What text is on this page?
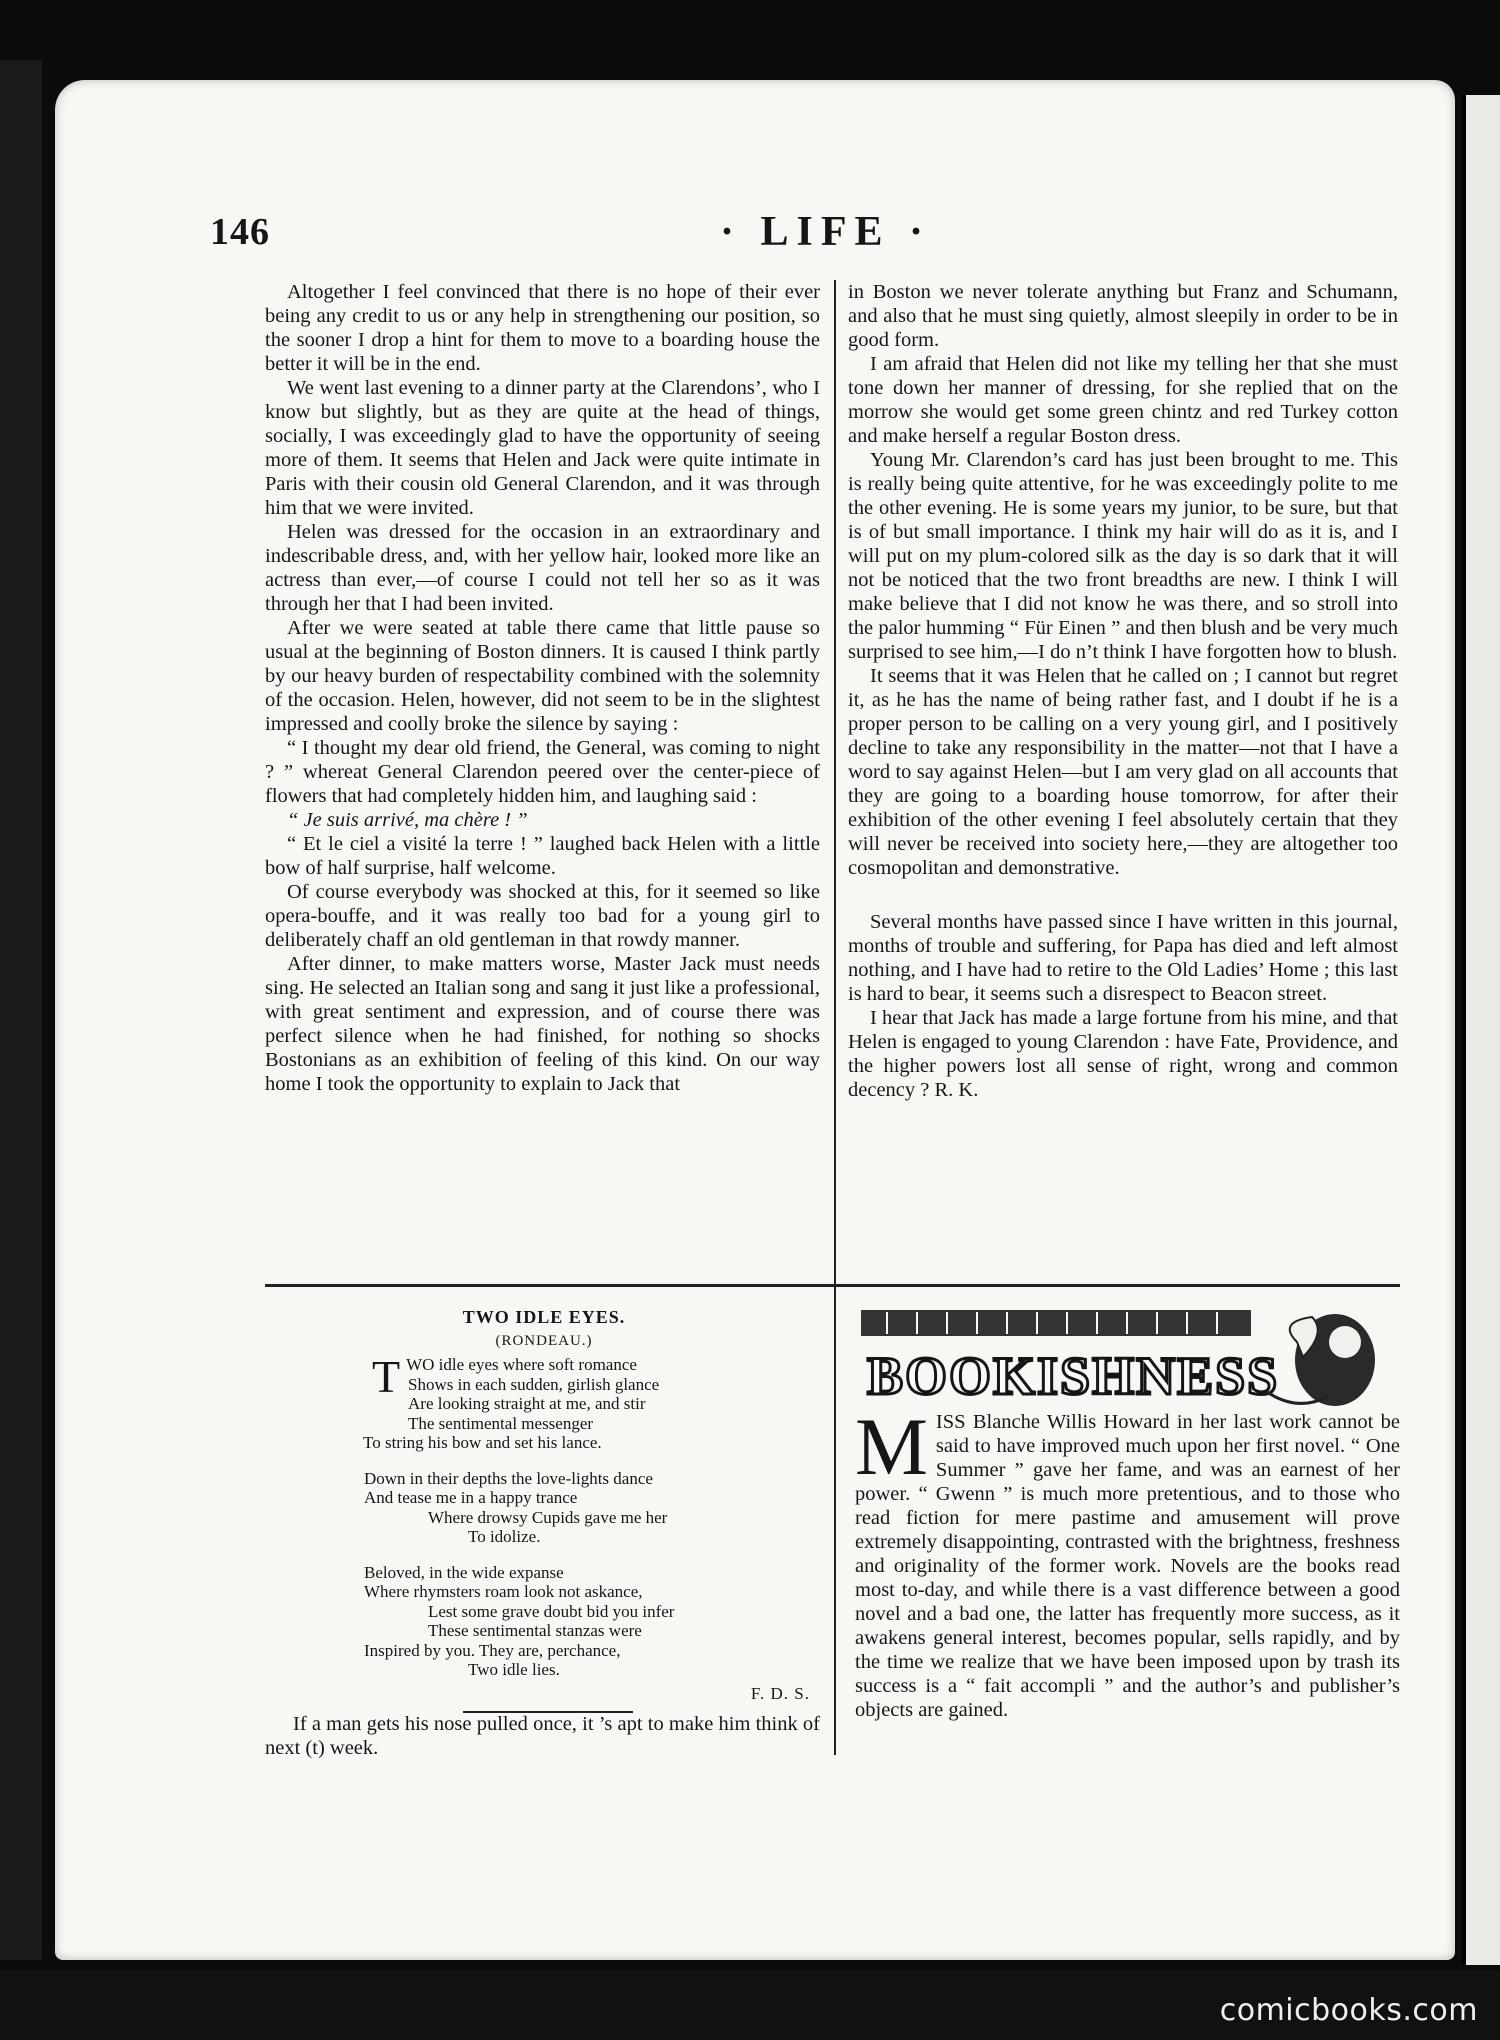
146	· LIFE ·

Altogether I feel convinced that there is no hope of their ever being any credit to us or any help in strengthening our position, so the sooner I drop a hint for them to move to a boarding house the better it will be in the end.

We went last evening to a dinner party at the Clarendons’, who I know but slightly, but as they are quite at the head of things, socially, I was exceedingly glad to have the opportunity of seeing more of them. It seems that Helen and Jack were quite intimate in Paris with their cousin old General Clarendon, and it was through him that we were invited.

Helen was dressed for the occasion in an extraordinary and indescribable dress, and, with her yellow hair, looked more like an actress than ever,—of course I could not tell her so as it was through her that I had been invited.

After we were seated at table there came that little pause so usual at the beginning of Boston dinners. It is caused I think partly by our heavy burden of respectability combined with the solemnity of the occasion. Helen, however, did not seem to be in the slightest impressed and coolly broke the silence by saying :

“ I thought my dear old friend, the General, was coming to night ? ” whereat General Clarendon peered over the center-piece of flowers that had completely hidden him, and laughing said :

“ Je suis arrivé, ma chère ! ”

“ Et le ciel a visité la terre ! ” laughed back Helen with a little bow of half surprise, half welcome.

Of course everybody was shocked at this, for it seemed so like opera-bouffe, and it was really too bad for a young girl to deliberately chaff an old gentleman in that rowdy manner.

After dinner, to make matters worse, Master Jack must needs sing. He selected an Italian song and sang it just like a professional, with great sentiment and expression, and of course there was perfect silence when he had finished, for nothing so shocks Bostonians as an exhibition of feeling of this kind. On our way home I took the opportunity to explain to Jack that

in Boston we never tolerate anything but Franz and Schumann, and also that he must sing quietly, almost sleepily in order to be in good form.

I am afraid that Helen did not like my telling her that she must tone down her manner of dressing, for she replied that on the morrow she would get some green chintz and red Turkey cotton and make herself a regular Boston dress.

Young Mr. Clarendon’s card has just been brought to me. This is really being quite attentive, for he was exceedingly polite to me the other evening. He is some years my junior, to be sure, but that is of but small importance. I think my hair will do as it is, and I will put on my plum-colored silk as the day is so dark that it will not be noticed that the two front breadths are new. I think I will make believe that I did not know he was there, and so stroll into the palor humming “ Für Einen ” and then blush and be very much surprised to see him,—I do n’t think I have forgotten how to blush.

It seems that it was Helen that he called on ; I cannot but regret it, as he has the name of being rather fast, and I doubt if he is a proper person to be calling on a very young girl, and I positively decline to take any responsibility in the matter—not that I have a word to say against Helen—but I am very glad on all accounts that they are going to a boarding house tomorrow, for after their exhibition of the other evening I feel absolutely certain that they will never be received into society here,—they are altogether too cosmopolitan and demonstrative.

Several months have passed since I have written in this journal, months of trouble and suffering, for Papa has died and left almost nothing, and I have had to retire to the Old Ladies’ Home ; this last is hard to bear, it seems such a disrespect to Beacon street.

I hear that Jack has made a large fortune from his mine, and that Helen is engaged to young Clarendon : have Fate, Providence, and the higher powers lost all sense of right, wrong and common decency ? R. K.

TWO IDLE EYES.
(RONDEAU.)
T WO idle eyes where soft romance

Shows in each sudden, girlish glance

Are looking straight at me, and stir

The sentimental messenger

To string his bow and set his lance.

Down in their depths the love-lights dance

And tease me in a happy trance

Where drowsy Cupids gave me her

To idolize.

Beloved, in the wide expanse

Where rhymsters roam look not askance,

Lest some grave doubt bid you infer

These sentimental stanzas were

Inspired by you. They are, perchance,

Two idle lies.

F. D. S.
If a man gets his nose pulled once, it ’s apt to make him think of next (t) week.
BOOKISHNESS
M ISS Blanche Willis Howard in her last work cannot be said to have improved much upon her first novel. “ One Summer ” gave her fame, and was an earnest of her power. “ Gwenn ” is much more pretentious, and to those who read fiction for mere pastime and amusement will prove extremely disappointing, contrasted with the brightness, freshness and originality of the former work. Novels are the books read most to-day, and while there is a vast difference between a good novel and a bad one, the latter has frequently more success, as it awakens general interest, becomes popular, sells rapidly, and by the time we realize that we have been imposed upon by trash its success is a “ fait accompli ” and the author’s and publisher’s objects are gained.
comicbooks.com
